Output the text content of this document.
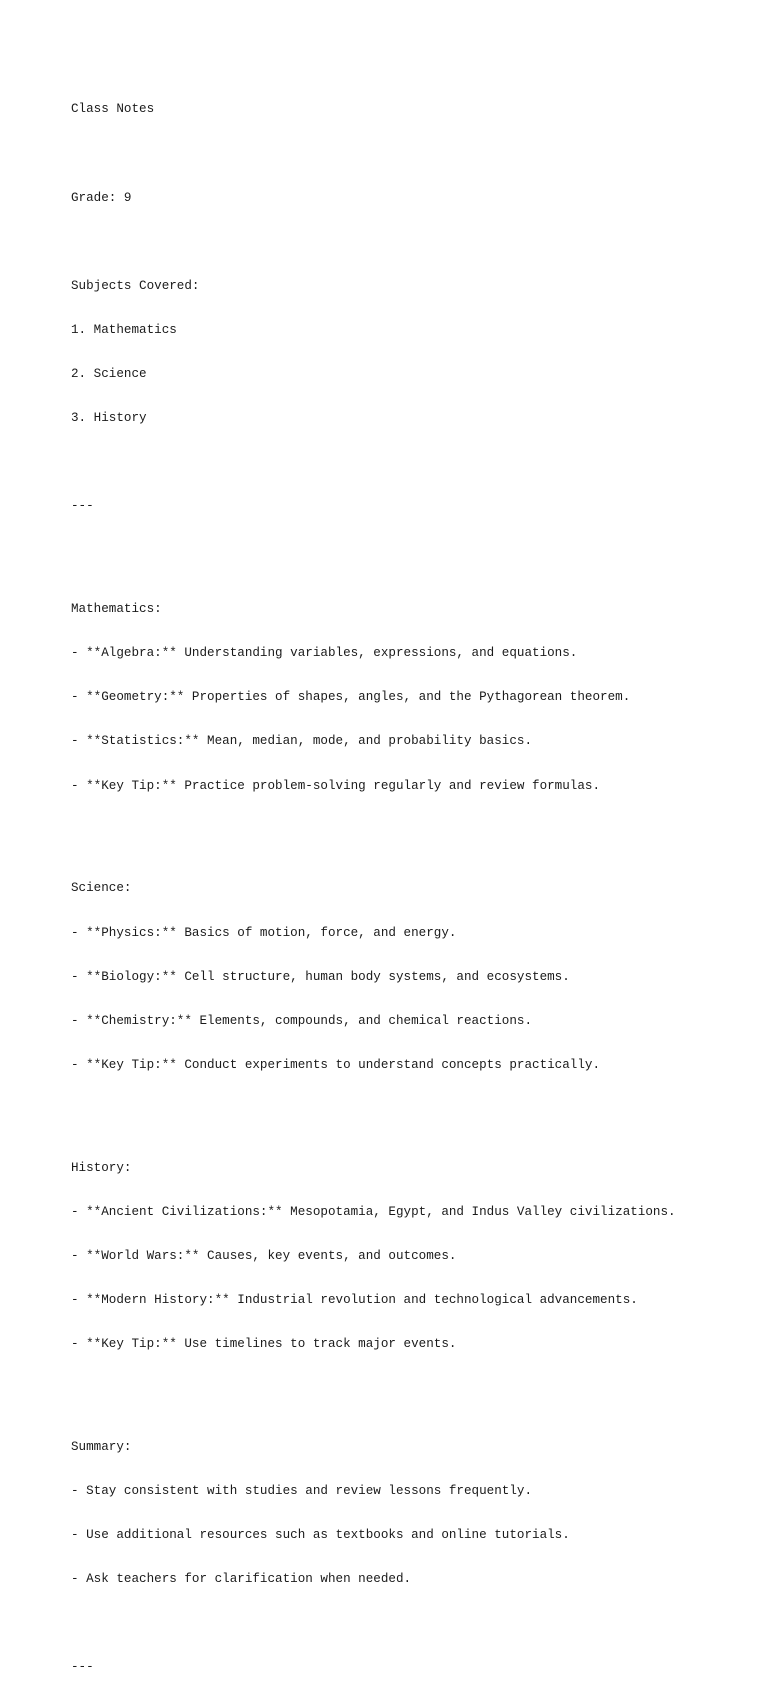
Class Notes

Grade: 9

Subjects Covered:

1. Mathematics

2. Science

3. History

---

Mathematics:

- **Algebra:** Understanding variables, expressions, and equations.

- **Geometry:** Properties of shapes, angles, and the Pythagorean theorem.

- **Statistics:** Mean, median, mode, and probability basics.

- **Key Tip:** Practice problem-solving regularly and review formulas.

Science:

- **Physics:** Basics of motion, force, and energy.

- **Biology:** Cell structure, human body systems, and ecosystems.

- **Chemistry:** Elements, compounds, and chemical reactions.

- **Key Tip:** Conduct experiments to understand concepts practically.

History:

- **Ancient Civilizations:** Mesopotamia, Egypt, and Indus Valley civilizations.

- **World Wars:** Causes, key events, and outcomes.

- **Modern History:** Industrial revolution and technological advancements.

- **Key Tip:** Use timelines to track major events.

Summary:

- Stay consistent with studies and review lessons frequently.

- Use additional resources such as textbooks and online tutorials.

- Ask teachers for clarification when needed.

---
